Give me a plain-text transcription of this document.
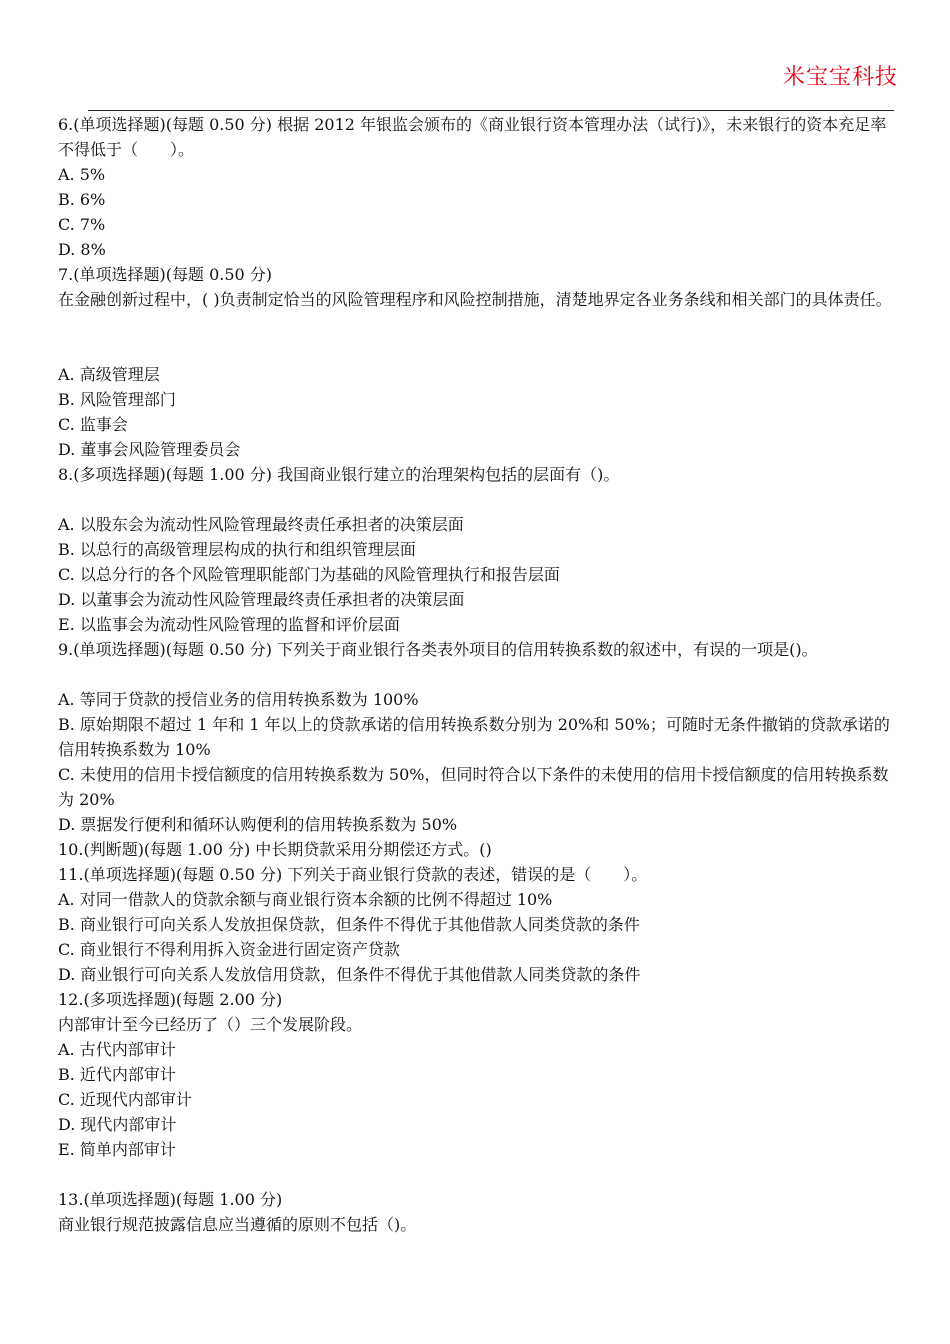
米宝宝科技
6.(单项选择题)(每题 0.50 分) 根据 2012 年银监会颁布的《商业银行资本管理办法（试行)》，未来银行的资本充足率不得低于（　　）。
A. 5%
B. 6%
C. 7%
D. 8%
7.(单项选择题)(每题 0.50 分)
在金融创新过程中，( )负责制定恰当的风险管理程序和风险控制措施，清楚地界定各业务条线和相关部门的具体责任。
A. 高级管理层
B. 风险管理部门
C. 监事会
D. 董事会风险管理委员会
8.(多项选择题)(每题 1.00 分) 我国商业银行建立的治理架构包括的层面有（)。
A. 以股东会为流动性风险管理最终责任承担者的决策层面
B. 以总行的高级管理层构成的执行和组织管理层面
C. 以总分行的各个风险管理职能部门为基础的风险管理执行和报告层面
D. 以董事会为流动性风险管理最终责任承担者的决策层面
E. 以监事会为流动性风险管理的监督和评价层面
9.(单项选择题)(每题 0.50 分) 下列关于商业银行各类表外项目的信用转换系数的叙述中，有误的一项是()。
A. 等同于贷款的授信业务的信用转换系数为 100%
B. 原始期限不超过 1 年和 1 年以上的贷款承诺的信用转换系数分别为 20%和 50%；可随时无条件撤销的贷款承诺的信用转换系数为 10%
C. 未使用的信用卡授信额度的信用转换系数为 50%，但同时符合以下条件的未使用的信用卡授信额度的信用转换系数为 20%
D. 票据发行便利和循环认购便利的信用转换系数为 50%
10.(判断题)(每题 1.00 分) 中长期贷款采用分期偿还方式。()
11.(单项选择题)(每题 0.50 分) 下列关于商业银行贷款的表述，错误的是（　　）。
A. 对同一借款人的贷款余额与商业银行资本余额的比例不得超过 10%
B. 商业银行可向关系人发放担保贷款，但条件不得优于其他借款人同类贷款的条件
C. 商业银行不得利用拆入资金进行固定资产贷款
D. 商业银行可向关系人发放信用贷款，但条件不得优于其他借款人同类贷款的条件
12.(多项选择题)(每题 2.00 分)
内部审计至今已经历了（）三个发展阶段。
A. 古代内部审计
B. 近代内部审计
C. 近现代内部审计
D. 现代内部审计
E. 简单内部审计
13.(单项选择题)(每题 1.00 分)
商业银行规范披露信息应当遵循的原则不包括（)。
